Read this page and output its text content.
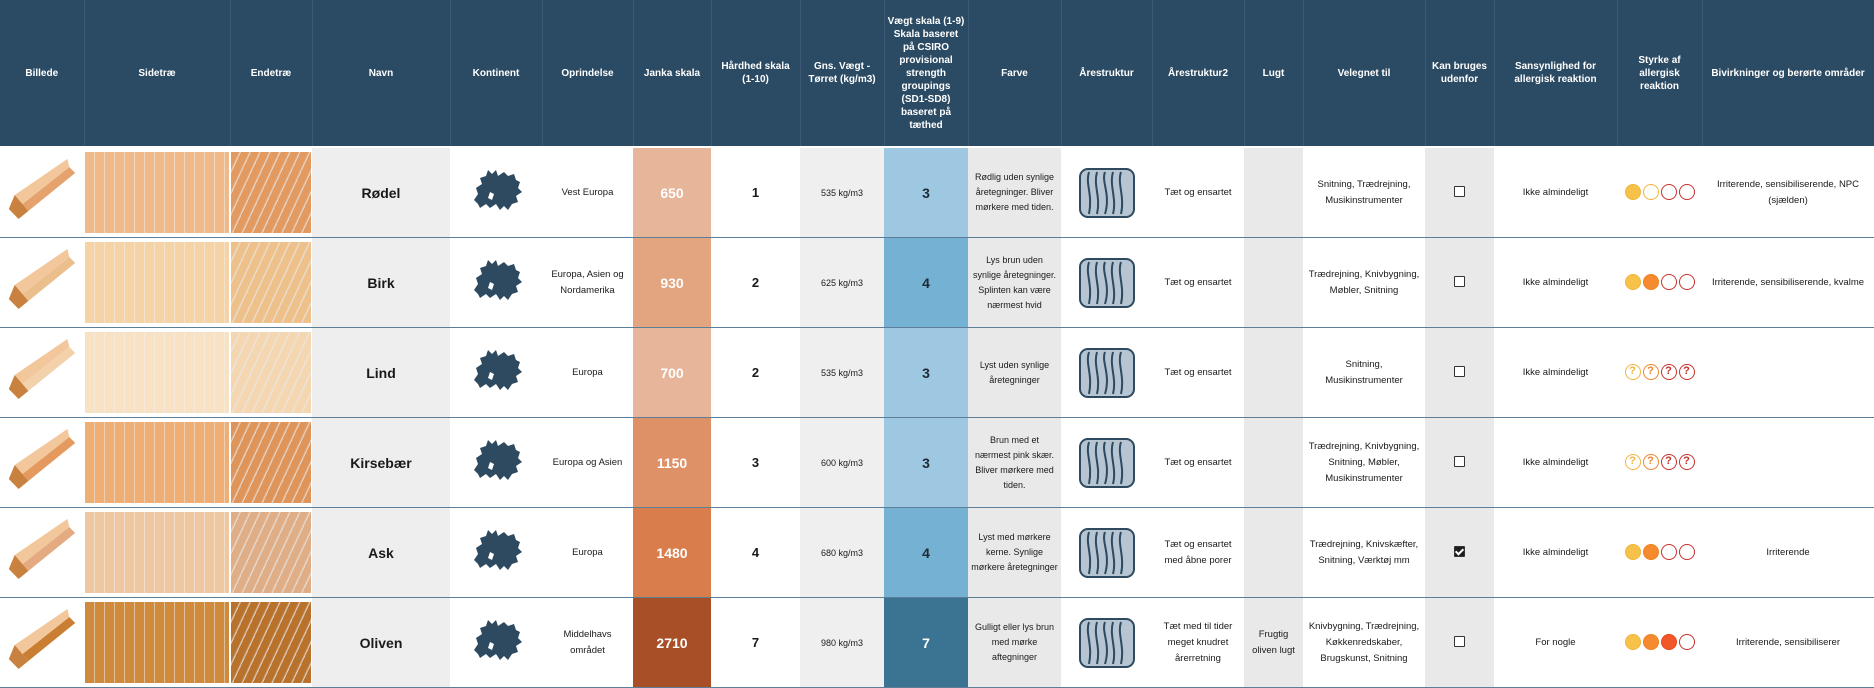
Billede	Sidetræ	Endetræ	Navn	Kontinent	Oprindelse	Janka skala	Hårdhed skala (1-10)	Gns. Vægt - Tørret (kg/m3)	Vægt skala (1-9) Skala baseret på CSIRO provisional strength groupings (SD1-SD8) baseret på tæthed	Farve	Årestruktur	Årestruktur2	Lugt	Velegnet til	Kan bruges udenfor	Sansynlighed for allergisk reaktion	Styrke af allergisk reaktion	Bivirkninger og berørte områder

	Rødel		Vest Europa	650	1	535 kg/m3	3	Rødlig uden synlige åretegninger. Bliver mørkere med tiden.		Tæt og ensartet		Snitning, Trædrejning, Musikinstrumenter		Ikke almindeligt		Irriterende, sensibiliserende, NPC (sjælden)

	Birk		Europa, Asien og Nordamerika	930	2	625 kg/m3	4	Lys brun uden synlige åretegninger. Splinten kan være nærmest hvid		Tæt og ensartet		Trædrejning, Knivbygning, Møbler, Snitning		Ikke almindeligt		Irriterende, sensibiliserende, kvalme

	Lind		Europa	700	2	535 kg/m3	3	Lyst uden synlige åretegninger		Tæt og ensartet		Snitning, Musikinstrumenter		Ikke almindeligt	? ? ? ?	

	Kirsebær		Europa og Asien	1150	3	600 kg/m3	3	Brun med et nærmest pink skær. Bliver mørkere med tiden.		Tæt og ensartet		Trædrejning, Knivbygning, Snitning, Møbler, Musikinstrumenter		Ikke almindeligt	? ? ? ?	

	Ask		Europa	1480	4	680 kg/m3	4	Lyst med mørkere kerne. Synlige mørkere åretegninger		Tæt og ensartet med åbne porer		Trædrejning, Knivskæfter, Snitning, Værktøj mm		Ikke almindeligt		Irriterende

	Oliven		Middelhavs området	2710	7	980 kg/m3	7	Gulligt eller lys brun med mørke aftegninger		Tæt med til tider meget knudret årerretning	Frugtig oliven lugt	Knivbygning, Trædrejning, Køkkenredskaber, Brugskunst, Snitning		For nogle		Irriterende, sensibiliserer
